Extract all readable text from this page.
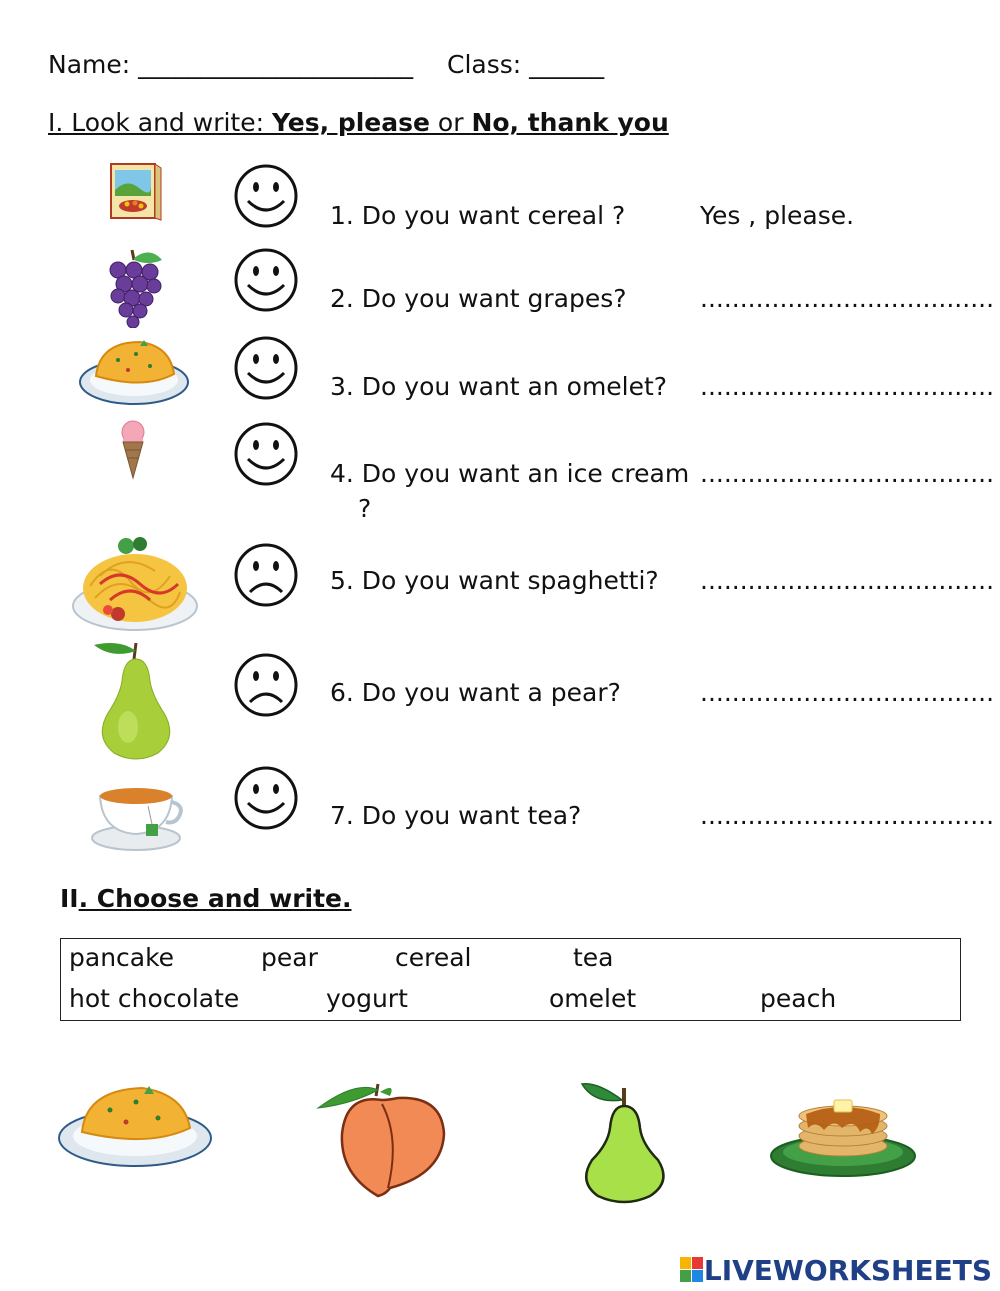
Name: ______________________ Class: ______
I. Look and write: Yes, please or No, thank you
1. Do you want cereal ?	Yes , please.
2. Do you want grapes?	.....................................
3. Do you want an omelet? .....................................
4. Do you want an ice cream
?
.....................................
5. Do you want spaghetti? .....................................
6. Do you want a pear?	.....................................
7. Do you want tea?	.....................................
II. Choose and write.
pancake	pear	cereal	tea
hot chocolate	yogurt	omelet	peach
LIVEWORKSHEETS
